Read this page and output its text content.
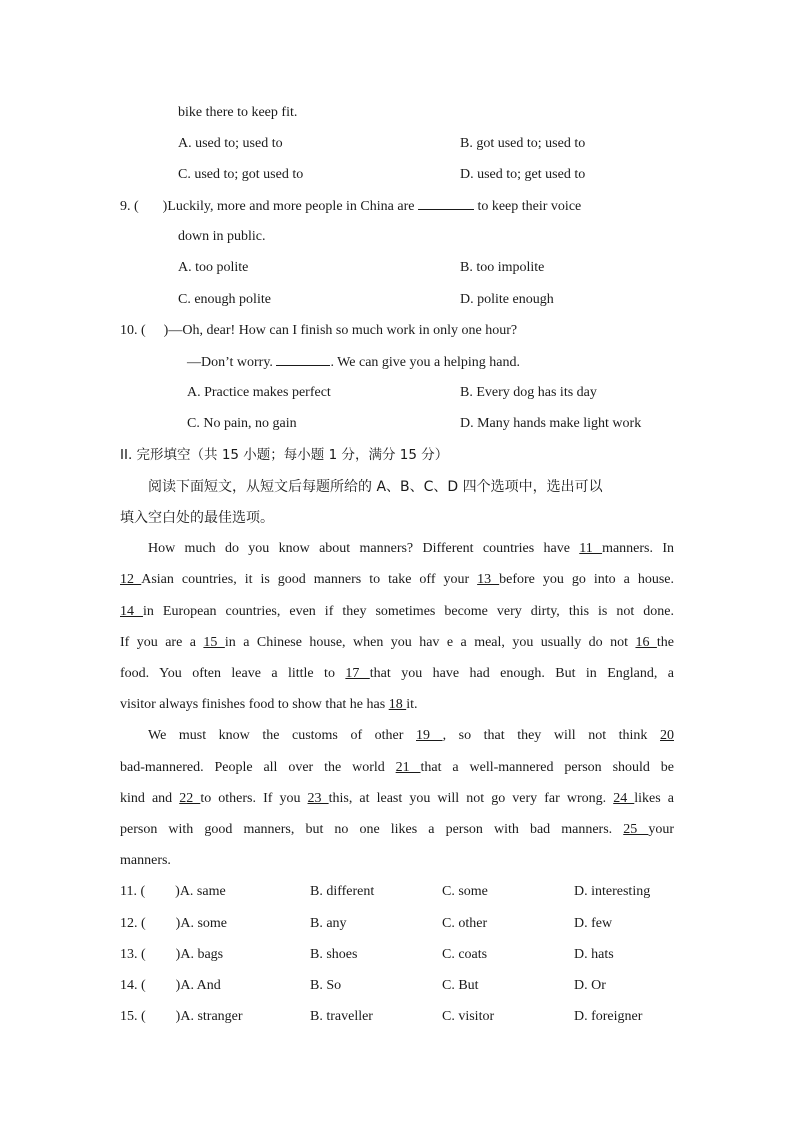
bike there to keep fit.
A. used to; used to	B. got used to; used to
C. used to; got used to	D. used to; get used to
9. ( )Luckily, more and more people in China are	to keep their voice
down in public.
A. too polite	B. too impolite
C. enough polite	D. polite enough
10. ( )—Oh, dear! How can I finish so much work in only one hour?
—Don’t worry.	. We can give you a helping hand.
A. Practice makes perfect	B. Every dog has its day
C. No pain, no gain	D. Many hands make light work
II. 完形填空（共 15 小题；每小题 1 分，满分 15 分）
阅读下面短文，从短文后每题所给的 A、B、C、D 四个选项中，选出可以
填入空白处的最佳选项。
How much do you know about manners? Different countries have 11 manners. In
12 Asian countries, it is good manners to take off your 13 before you go into a house.
14 in European countries, even if they sometimes become very dirty, this is not done.
If you are a 15 in a Chinese house, when you hav e a meal, you usually do not 16 the
food. You often leave a little to 17 that you have had enough. But in England, a
visitor always finishes food to show that he has 18 it.
We must know the customs of other 19 , so that they will not think 20
bad-mannered. People all over the world 21 that a well-mannered person should be
kind and 22 to others. If you 23 this, at least you will not go very far wrong. 24 likes a
person with good manners, but no one likes a person with bad manners. 25 your
manners.
11. ( )A. same	B. different	C. some	D. interesting
12. ( )A. some	B. any	C. other	D. few
13. ( )A. bags	B. shoes	C. coats	D. hats
14. ( )A. And	B. So	C. But	D. Or
15. ( )A. stranger	B. traveller	C. visitor	D. foreigner
